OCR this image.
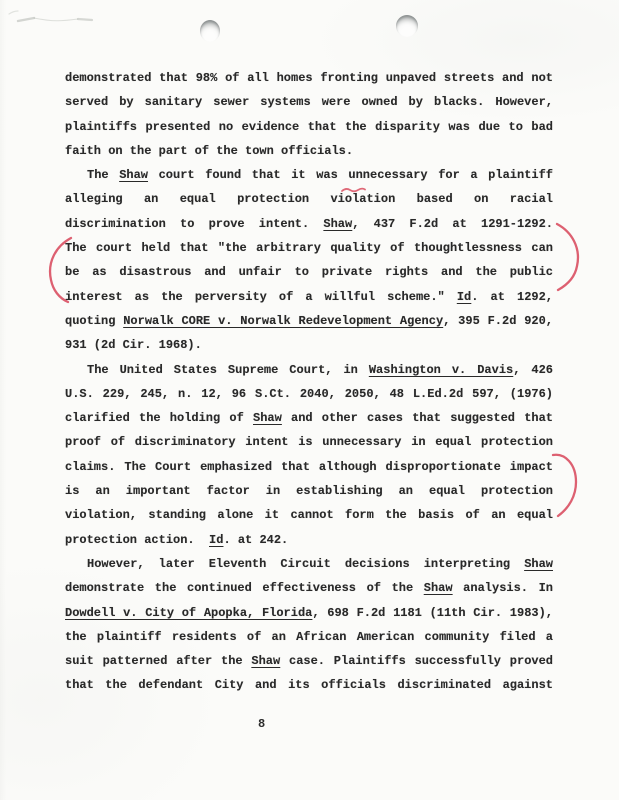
demonstrated that 98% of all homes fronting unpaved streets and not
served by sanitary sewer systems were owned by blacks. However,
plaintiffs presented no evidence that the disparity was due to bad
faith on the part of the town officials.
The Shaw court found that it was unnecessary for a plaintiff
alleging an equal protection violation based on racial
discrimination to prove intent. Shaw, 437 F.2d at 1291-1292.
The court held that "the arbitrary quality of thoughtlessness can
be as disastrous and unfair to private rights and the public
interest as the perversity of a willful scheme." Id. at 1292,
quoting Norwalk CORE v. Norwalk Redevelopment Agency, 395 F.2d 920,
931 (2d Cir. 1968).
The United States Supreme Court, in Washington v. Davis, 426
U.S. 229, 245, n. 12, 96 S.Ct. 2040, 2050, 48 L.Ed.2d 597, (1976)
clarified the holding of Shaw and other cases that suggested that
proof of discriminatory intent is unnecessary in equal protection
claims. The Court emphasized that although disproportionate impact
is an important factor in establishing an equal protection
violation, standing alone it cannot form the basis of an equal
protection action.  Id. at 242.
However, later Eleventh Circuit decisions interpreting Shaw
demonstrate the continued effectiveness of the Shaw analysis. In
Dowdell v. City of Apopka, Florida, 698 F.2d 1181 (11th Cir. 1983),
the plaintiff residents of an African American community filed a
suit patterned after the Shaw case. Plaintiffs successfully proved
that the defendant City and its officials discriminated against
8
